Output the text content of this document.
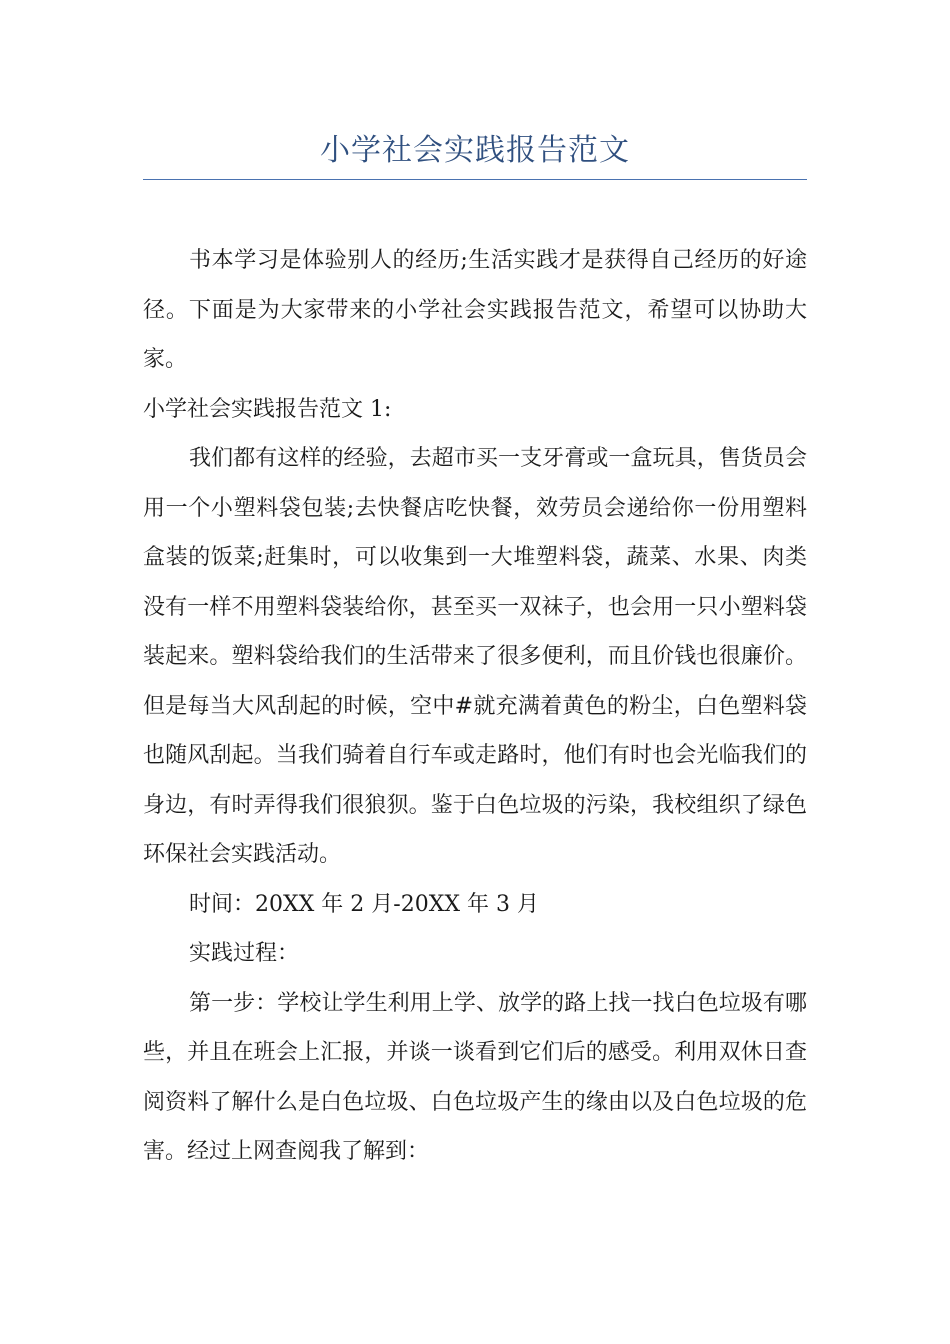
小学社会实践报告范文

书本学习是体验别人的经历;生活实践才是获得自己经历的好途径。下面是为大家带来的小学社会实践报告范文，希望可以协助大家。

小学社会实践报告范文 1:

我们都有这样的经验，去超市买一支牙膏或一盒玩具，售货员会用一个小塑料袋包装;去快餐店吃快餐，效劳员会递给你一份用塑料盒装的饭菜;赶集时，可以收集到一大堆塑料袋，蔬菜、水果、肉类没有一样不用塑料袋装给你，甚至买一双袜子，也会用一只小塑料袋装起来。塑料袋给我们的生活带来了很多便利，而且价钱也很廉价。但是每当大风刮起的时候，空中#就充满着黄色的粉尘，白色塑料袋也随风刮起。当我们骑着自行车或走路时，他们有时也会光临我们的身边，有时弄得我们很狼狈。鉴于白色垃圾的污染，我校组织了绿色环保社会实践活动。

时间：20XX 年 2 月-20XX 年 3 月

实践过程：

第一步：学校让学生利用上学、放学的路上找一找白色垃圾有哪些，并且在班会上汇报，并谈一谈看到它们后的感受。利用双休日查阅资料了解什么是白色垃圾、白色垃圾产生的缘由以及白色垃圾的危害。经过上网查阅我了解到：
